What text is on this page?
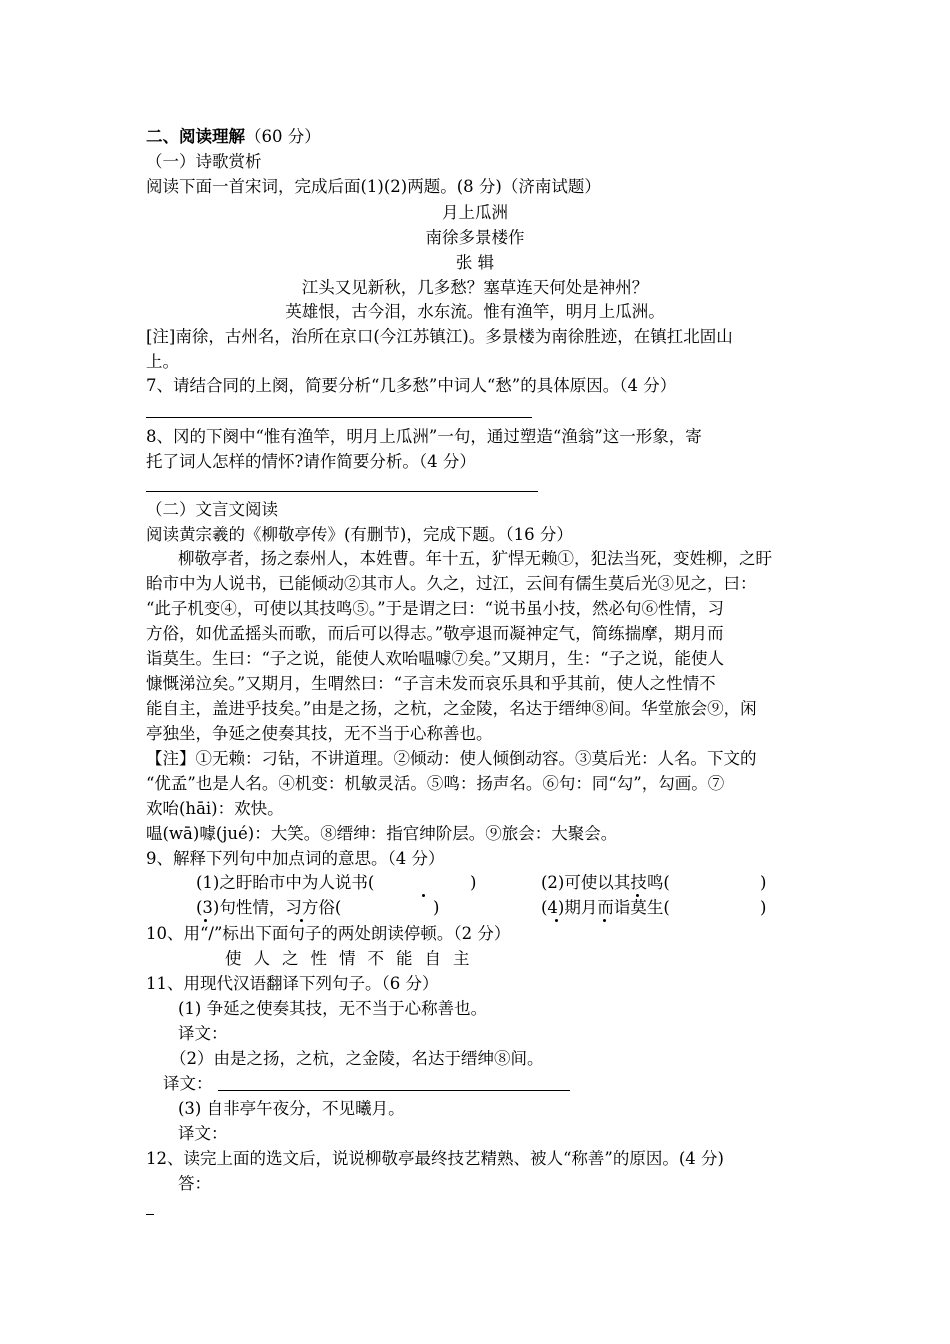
二、阅读理解（60 分）
（一）诗歌赏析
阅读下面一首宋词，完成后面(1)(2)两题。(8 分)（济南试题）
月上瓜洲
南徐多景楼作
张 辑
江头又见新秋，几多愁？塞草连天何处是神州？
英雄恨，古今泪，水东流。惟有渔竿，明月上瓜洲。
[注]南徐，古州名，治所在京口(今江苏镇江)。多景楼为南徐胜迹，在镇扛北固山
上。
7、请结合同的上阕，简要分析“几多愁”中词人“愁”的具体原因。（4 分）
8、冈的下阕中“惟有渔竿，明月上瓜洲”一句，通过塑造“渔翁”这一形象，寄
托了词人怎样的情怀?请作简要分析。（4 分）
（二）文言文阅读
阅读黄宗羲的《柳敬亭传》(有删节)，完成下题。（16 分）
柳敬亭者，扬之泰州人，本姓曹。年十五，犷悍无赖①，犯法当死，变姓柳，之盱
眙市中为人说书，已能倾动②其市人。久之，过江，云间有儒生莫后光③见之，曰：
“此子机变④，可使以其技鸣⑤。”于是谓之曰：“说书虽小技，然必句⑥性情，习
方俗，如优孟摇头而歌，而后可以得志。”敬亭退而凝神定气，简练揣摩，期月而
诣莫生。生曰：“子之说，能使人欢咍嗢噱⑦矣。”又期月，生：“子之说，能使人
慷慨涕泣矣。”又期月，生喟然曰：“子言未发而哀乐具和乎其前，使人之性情不
能自主，盖进乎技矣。”由是之扬，之杭，之金陵，名达于缙绅⑧间。华堂旅会⑨，闲
亭独坐，争延之使奏其技，无不当于心称善也。
【注】①无赖：刁钻，不讲道理。②倾动：使人倾倒动容。③莫后光：人名。下文的
“优孟”也是人名。④机变：机敏灵活。⑤鸣：扬声名。⑥句：同“勾”，勾画。⑦
欢咍(hāi)：欢快。
嗢(wā)噱(jué)：大笑。⑧缙绅：指官绅阶层。⑨旅会：大聚会。
9、解释下列句中加点词的意思。（4 分）
(1)之盱眙市中为人说书(	)	(2)可使以其技鸣(	)
(3)句性情，习方俗(	)	(4)期月而诣莫生(	)
10、用“/”标出下面句子的两处朗读停顿。（2 分）
使人之性情不能自主
11、用现代汉语翻译下列句子。（6 分）
(1) 争延之使奏其技，无不当于心称善也。
译文：
（2）由是之扬，之杭，之金陵，名达于缙绅⑧间。
译文：
(3) 自非亭午夜分，不见曦月。
译文：
12、读完上面的选文后，说说柳敬亭最终技艺精熟、被人“称善”的原因。(4 分)
答：
